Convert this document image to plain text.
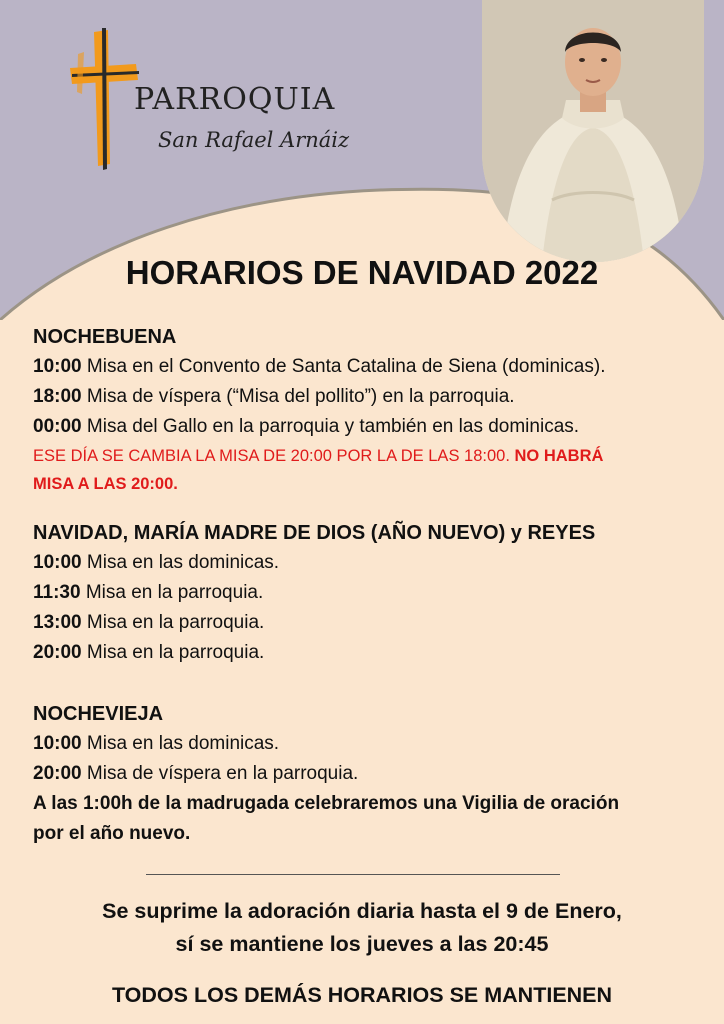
PARROQUIA
San Rafael Arnáiz
HORARIOS DE NAVIDAD 2022
NOCHEBUENA
10:00 Misa en el Convento de Santa Catalina de Siena (dominicas).
18:00 Misa de víspera (“Misa del pollito”) en la parroquia.
00:00 Misa del Gallo en la parroquia y también en las dominicas.
ESE DÍA SE CAMBIA LA MISA DE 20:00 POR LA DE LAS 18:00. NO HABRÁ
MISA A LAS 20:00.
NAVIDAD, MARÍA MADRE DE DIOS (AÑO NUEVO) y REYES
10:00 Misa en las dominicas.
11:30 Misa en la parroquia.
13:00 Misa en la parroquia.
20:00 Misa en la parroquia.
NOCHEVIEJA
10:00 Misa en las dominicas.
20:00 Misa de víspera en la parroquia.
A las 1:00h de la madrugada celebraremos una Vigilia de oración
por el año nuevo.
Se suprime la adoración diaria hasta el 9 de Enero,
sí se mantiene los jueves a las 20:45
TODOS LOS DEMÁS HORARIOS SE MANTIENEN
